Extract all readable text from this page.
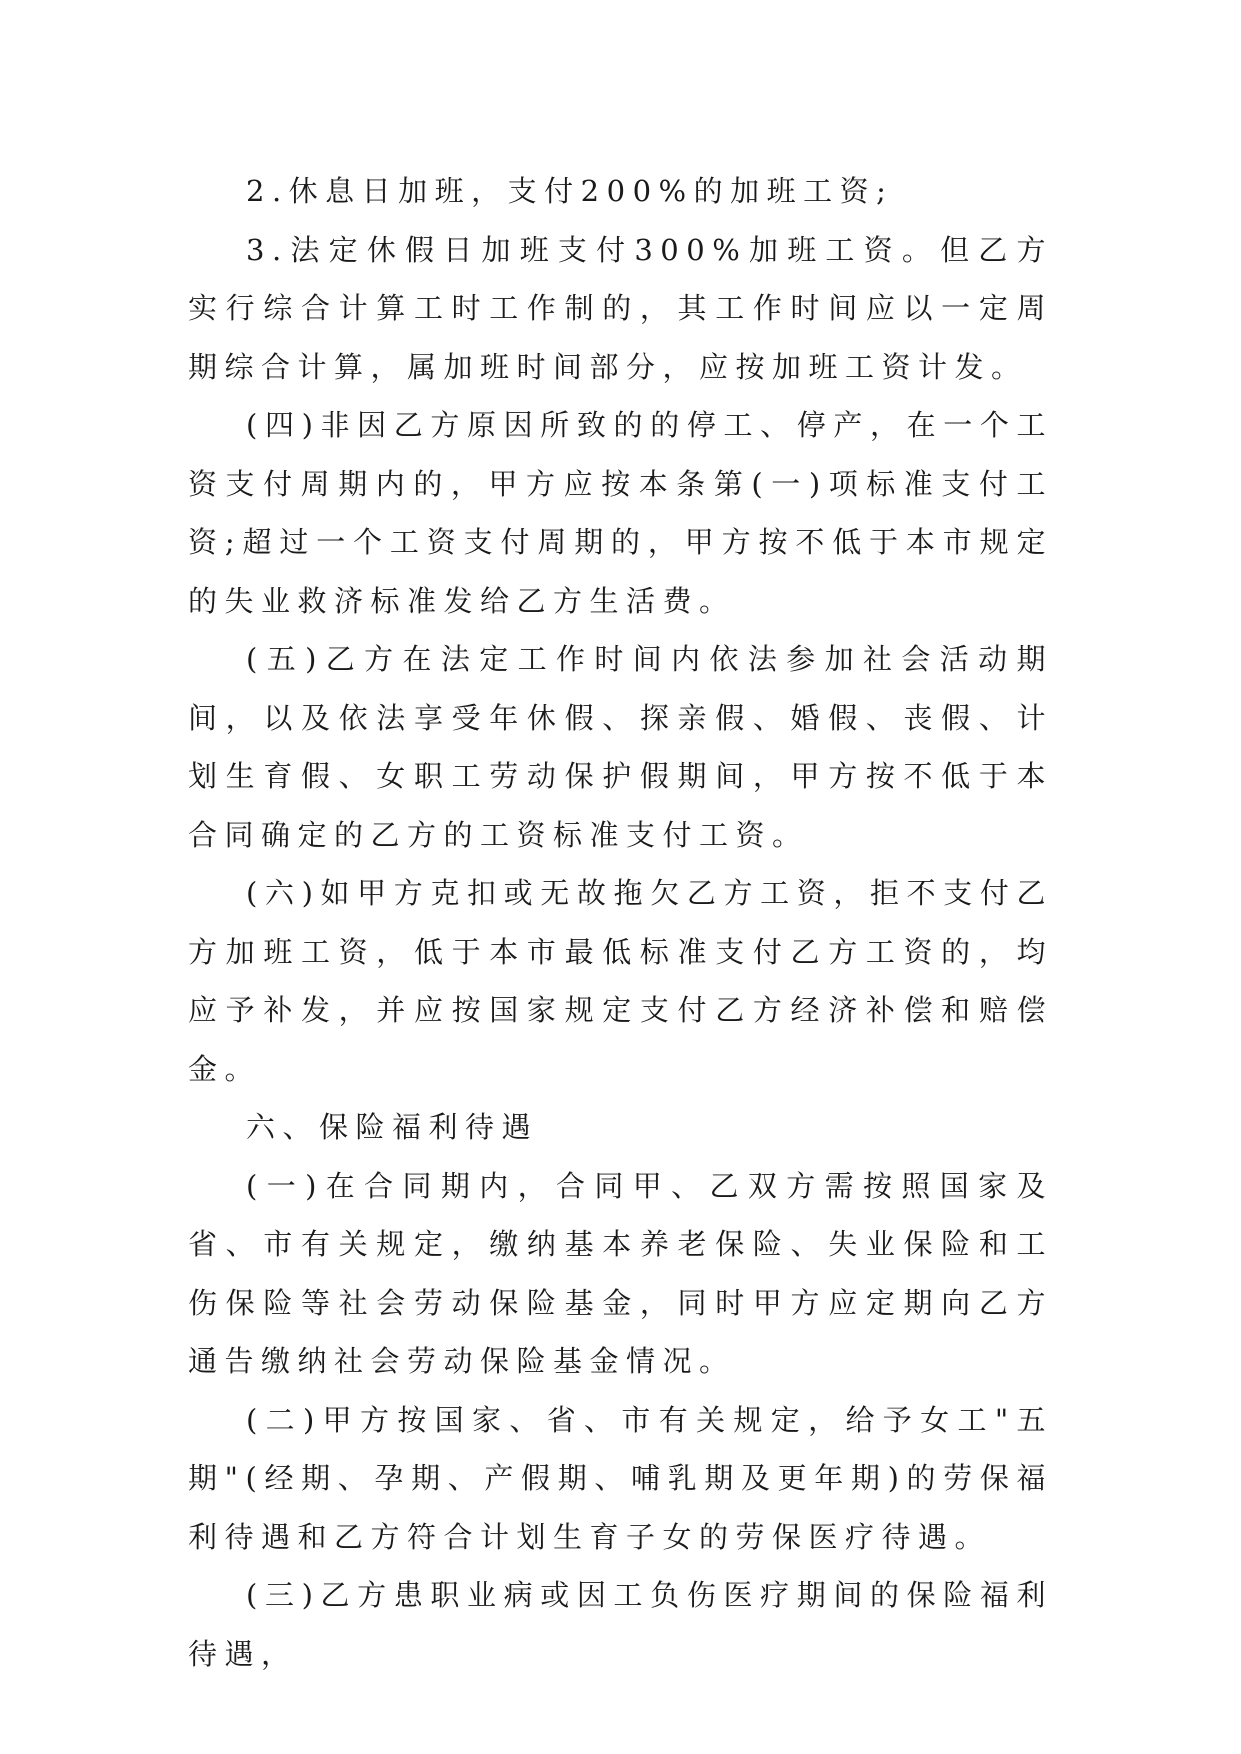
2.休息日加班，支付200%的加班工资;

3.法定休假日加班支付300%加班工资。但乙方实行综合计算工时工作制的，其工作时间应以一定周期综合计算，属加班时间部分，应按加班工资计发。

(四)非因乙方原因所致的的停工、停产，在一个工资支付周期内的，甲方应按本条第(一)项标准支付工资;超过一个工资支付周期的，甲方按不低于本市规定的失业救济标准发给乙方生活费。

(五)乙方在法定工作时间内依法参加社会活动期间，以及依法享受年休假、探亲假、婚假、丧假、计划生育假、女职工劳动保护假期间，甲方按不低于本合同确定的乙方的工资标准支付工资。

(六)如甲方克扣或无故拖欠乙方工资，拒不支付乙方加班工资，低于本市最低标准支付乙方工资的，均应予补发，并应按国家规定支付乙方经济补偿和赔偿金。

六、保险福利待遇

(一)在合同期内，合同甲、乙双方需按照国家及省、市有关规定，缴纳基本养老保险、失业保险和工伤保险等社会劳动保险基金，同时甲方应定期向乙方通告缴纳社会劳动保险基金情况。

(二)甲方按国家、省、市有关规定，给予女工"五期"(经期、孕期、产假期、哺乳期及更年期)的劳保福利待遇和乙方符合计划生育子女的劳保医疗待遇。

(三)乙方患职业病或因工负伤医疗期间的保险福利待遇，
